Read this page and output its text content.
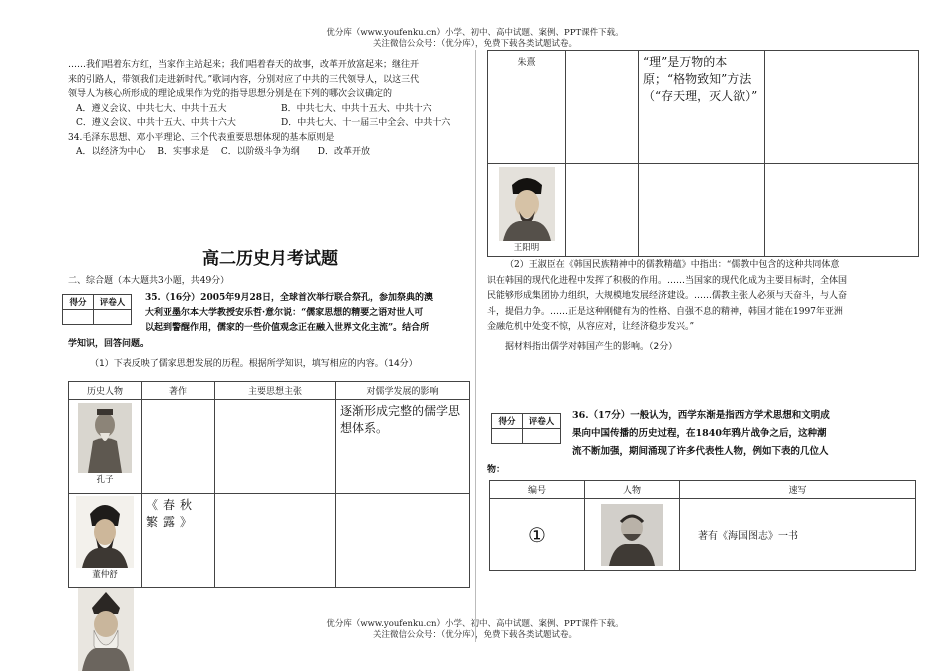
优分库（www.youfenku.cn）小学、初中、高中试题、案例、PPT课件下载。
关注微信公众号：（优分库），免费下载各类试题试卷。
优分库（www.youfenku.cn）小学、初中、高中试题、案例、PPT课件下载。
关注微信公众号：（优分库），免费下载各类试题试卷。
……我们唱着东方红，当家作主站起来；我们唱着春天的故事，改革开放富起来；继往开
来的引路人，带领我们走进新时代。”歌词内容，分别对应了中共的三代领导人，以这三代
领导人为核心所形成的理论成果作为党的指导思想分别是在下列的哪次会议确定的
A．遵义会议、中共七大、中共十五大	B．中共七大、中共十五大、中共十六
C．遵义会议、中共十五大、中共十六大	D．中共七大、十一届三中全会、中共十六
34.毛泽东思想、邓小平理论、三个代表重要思想体现的基本原则是
A．以经济为中心　 B．实事求是　 C．以阶级斗争为纲　　D．改革开放
高二历史月考试题
二、综合题（本大题共3小题，共49分）
得分	评卷人
	35.（16分）2005年9月28日，全球首次举行联合祭孔，参加祭典的澳
大利亚墨尔本大学教授安乐哲·意尔说：“儒家思想的精要之语对世人可
以起到警醒作用，儒家的一些价值观念正在融入世界文化主流”。结合所
学知识，回答问题。
（1）下表反映了儒家思想发展的历程。根据所学知识，填写相应的内容。（14分）
历史人物	著作	主要思想主张	对儒学发展的影响

孔子			逐渐形成完整的儒学思想体系。

董仲舒	《春秋繁露》		
朱熹		“理”是万物的本原；“格物致知”方法（“存天理，灭人欲）”	

王阳明			

（2）王淑臣在《韩国民族精神中的儒教精蕴》中指出：“儒教中包含的这种共同体意
识在韩国的现代化进程中发挥了积极的作用。……当国家的现代化成为主要目标时，全体国
民能够形成集团协力组织，大规模地发展经济建设。……儒教主张人必须与天奋斗，与人奋
斗，提倡力争。……正是这种刚健有为的性格、自强不息的精神，韩国才能在1997年亚洲
金融危机中处变不惊，从容应对，让经济稳步发兴。”
据材料指出儒学对韩国产生的影响。（2分）
得分	评卷人

36.（17分）一般认为，西学东渐是指西方学术思想和文明成
果向中国传播的历史过程，在1840年鸦片战争之后，这种潮
流不断加强，期间涌现了许多代表性人物，例如下表的几位人
物：
编号	人物	速写
①		著有《海国图志》一书
